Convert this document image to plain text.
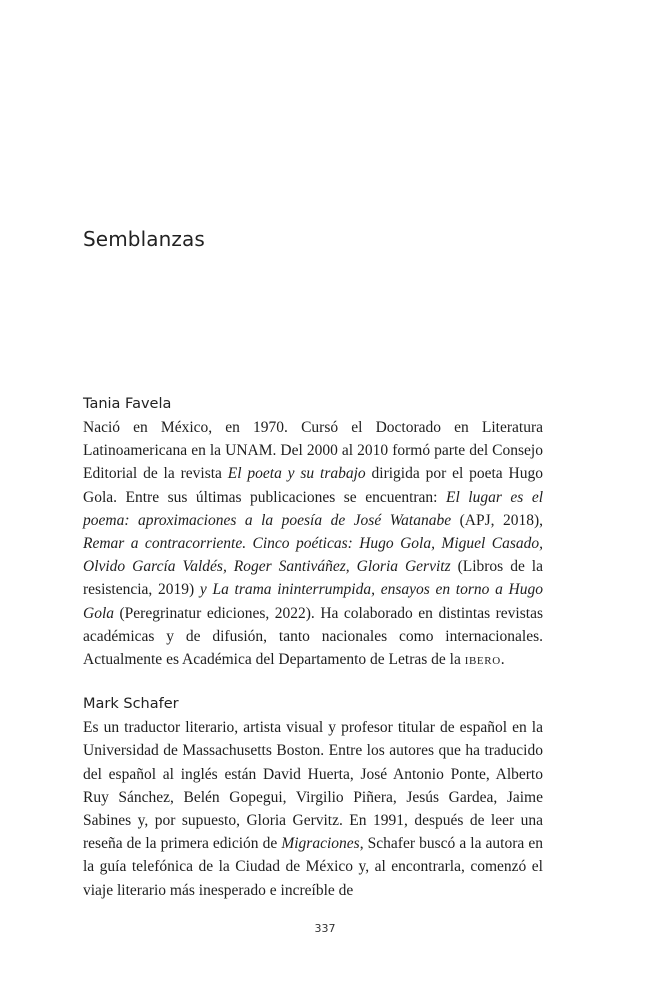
Semblanzas

Tania Favela

Nació en México, en 1970. Cursó el Doctorado en Literatura Latinoamericana en la UNAM. Del 2000 al 2010 formó parte del Consejo Editorial de la revista El poeta y su trabajo dirigida por el poeta Hugo Gola. Entre sus últimas publicaciones se encuentran: El lugar es el poema: aproximaciones a la poesía de José Watanabe (APJ, 2018), Remar a contracorriente. Cinco poéticas: Hugo Gola, Miguel Casado, Olvido García Valdés, Roger Santiváñez, Gloria Gervitz (Libros de la resistencia, 2019) y La trama ininterrumpida, ensayos en torno a Hugo Gola (Peregrinatur ediciones, 2022). Ha colaborado en distintas revistas académicas y de difusión, tanto nacionales como internacionales. Actualmente es Académica del Departamento de Letras de la ibero.

Mark Schafer

Es un traductor literario, artista visual y profesor titular de español en la Universidad de Massachusetts Boston. Entre los autores que ha traducido del español al inglés están David Huerta, José Antonio Ponte, Alberto Ruy Sánchez, Belén Gopegui, Virgilio Piñera, Jesús Gardea, Jaime Sabines y, por supuesto, Gloria Gervitz. En 1991, después de leer una reseña de la primera edición de Migraciones, Schafer buscó a la autora en la guía telefónica de la Ciudad de México y, al encontrarla, comenzó el viaje literario más inesperado e increíble de

337
